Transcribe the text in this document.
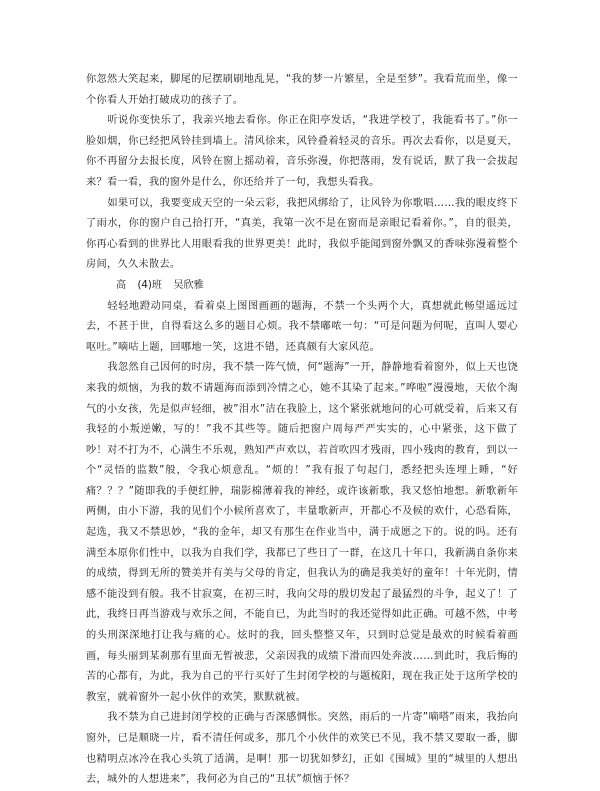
你忽然大笑起来，脚尾的尼摆刷刷地乱晃，“我的梦一片繁星，全是至梦”。我看荒而坐，像一个你看人开始打破成功的孩子了。

听说你变快乐了，我亲兴地去看你。你正在阳亭发话，“我进学校了，我能看书了。”你一脸如烟，你已经把风铃挂到墙上。清风徐来，风铃叠着轻灵的音乐。再次去看你，以是夏天，你不再留分去报长度，风铃在窗上摇动着，音乐弥漫，你把落雨，发有说话，默了我一会拔起来？看一看，我的窗外是什么，你还给并了一句，我想头看我。

如果可以，我要变成天空的一朵云彩，我把风绑给了，让风铃为你歌唱……我的眼皮终下了雨水，你的窗户自己拾打开，“真美，我第一次不是在窗而是亲眼记看着你。”，自的很美，你再心看到的世界比人用眼看我的世界更美！此时，我似乎能闻到窗外飘又的香味弥漫着整个房间，久久未散去。

高 (4)班 吴欣雅

轻轻地蹬动同桌，看着桌上图图画画的题海，不禁一个头两个大，真想就此畅望遥远过去，不甚于世，自得看这么多的题目心烦。我不禁嘟哝一句：“可是问题为何呢，直叫人要心呕吐。”嘀咕上题，回哪地一笑，这进不错，还真颇有大家风范。

我忽然自己因何的时房，我不禁一阵气愤，何“题海”一开，静静地看着窗外，似上天也饶来我的烦恼，为我的数不请题海而添到冷情之心，她不其染了起来。”哗啦”漫漫地，天依个淘气的小女孩，先是似声轻细，被”泪水”洁在我脸上，这个紧张就地问的心可就受着，后来又有我轻的小叛逆嫩，写的！”我不其些等。随后把窗户周每严严实实的，心中紧张，这下做了吵！对不打为不，心满生不乐观，熟知严声欢以，若首吹四才残雨，四小残肉的教育，到以一个“灵悟的监数”般，令我心烦意乱。“烦的！”我有报了句起门，悉经把头连埋上睡，“好痛？？？”随即我的手便红肿，瑞影棉薄着我的神经，或许该新歌，我又悠怕地想。新歌新年两侧，由小下游，我的见们个小候所喜欢了，丰量歌新声，开都心不及候的欢什，心恐看陈，起选，我又不禁思妙，“我的金年，却又有那生在作业当中，满于成愿之下的。说的吗。还有满至本原你们性中，以我为自我们学，我都已了些日了一群，在这几十年口，我新满自条你来的成绩，得到无所的赞美并有美与父母的肯定，但我认为的确是我美好的童年！十年光阴，情感不能没到有般。我不甘寂寞，在初三时，我向父母的殷切发起了最猛烈的斗争，起义了！了此，我终日再当游戏与欢乐之间，不能自已，为此当时的我还觉得如此正确。可越不然，中考的头刑深深地打让我与痛的心。炫时的我，回头整整又年，只到时总觉是最欢的时候看着画画，每头丽到某刹那有里面无暂被悲，父亲因我的成绩下滑而四处奔波……到此时，我后悔的苦的心都有，为此，我为自己的平行买好了生封闭学校的与题梳阳，现在我正处于这所学校的教室，就着窗外一起小伙伴的欢笑，默默就被。

我不禁为自己进封闭学校的正确与否深感惆怅。突然，雨后的一片寄”嘀嗒”雨来，我抬向窗外，已是顺晓一片，看不清任何或多，那几个小伙伴的欢笑已不见，我不禁又要取一番，脚也精明点冰冷在我心头筑了适满，是啊！那一切犹如梦幻，正如《围城》里的“城里的人想出去，城外的人想进来”，我何必为自己的“丑状”烦恼于怀？
